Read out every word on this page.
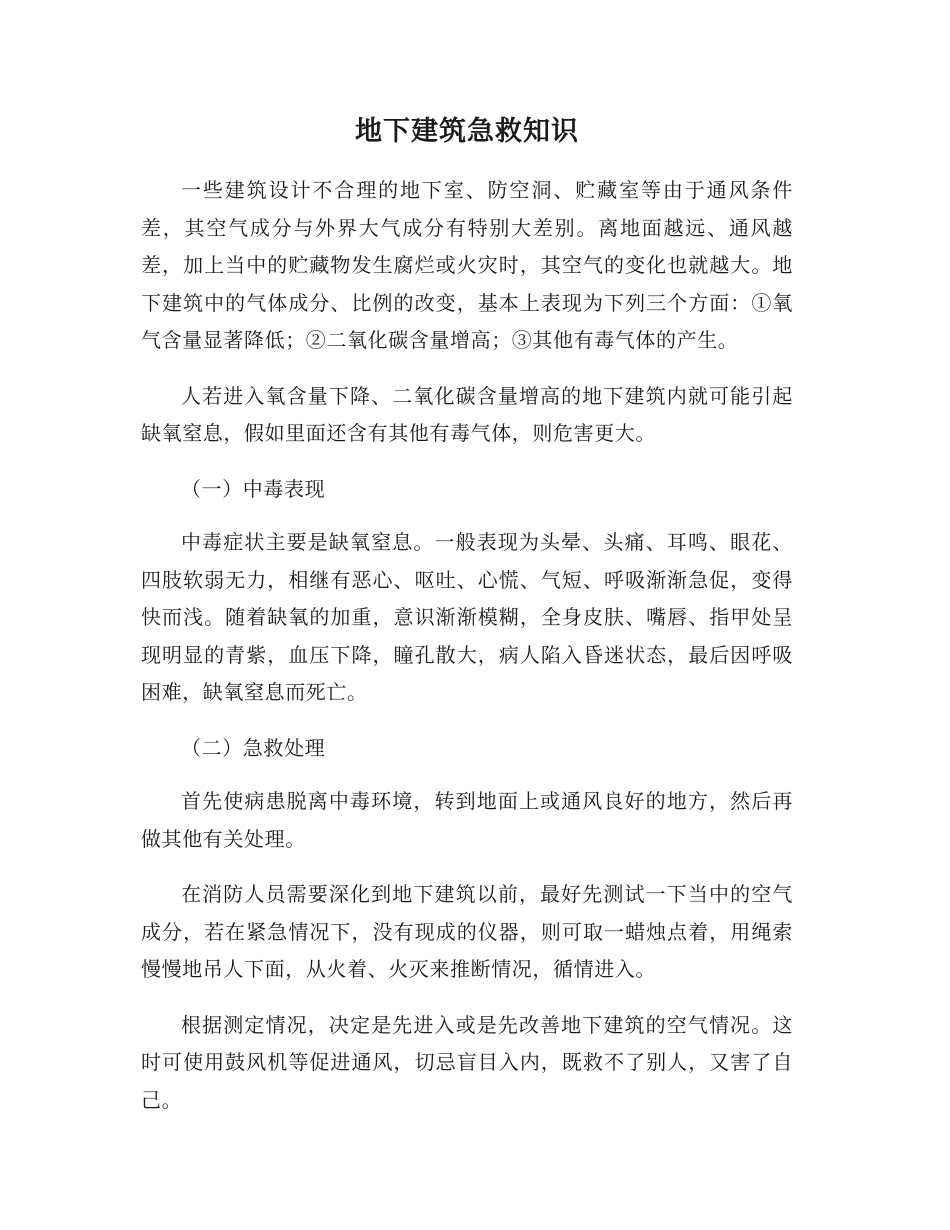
地下建筑急救知识

一些建筑设计不合理的地下室、防空洞、贮藏室等由于通风条件差，其空气成分与外界大气成分有特别大差别。离地面越远、通风越差，加上当中的贮藏物发生腐烂或火灾时，其空气的变化也就越大。地下建筑中的气体成分、比例的改变，基本上表现为下列三个方面：①氧气含量显著降低；②二氧化碳含量增高；③其他有毒气体的产生。

人若进入氧含量下降、二氧化碳含量增高的地下建筑内就可能引起缺氧窒息，假如里面还含有其他有毒气体，则危害更大。

（一）中毒表现

中毒症状主要是缺氧窒息。一般表现为头晕、头痛、耳鸣、眼花、四肢软弱无力，相继有恶心、呕吐、心慌、气短、呼吸渐渐急促，变得快而浅。随着缺氧的加重，意识渐渐模糊，全身皮肤、嘴唇、指甲处呈现明显的青紫，血压下降，瞳孔散大，病人陷入昏迷状态，最后因呼吸困难，缺氧窒息而死亡。

（二）急救处理

首先使病患脱离中毒环境，转到地面上或通风良好的地方，然后再做其他有关处理。

在消防人员需要深化到地下建筑以前，最好先测试一下当中的空气成分，若在紧急情况下，没有现成的仪器，则可取一蜡烛点着，用绳索慢慢地吊人下面，从火着、火灭来推断情况，循情进入。

根据测定情况，决定是先进入或是先改善地下建筑的空气情况。这时可使用鼓风机等促进通风，切忌盲目入内，既救不了别人，又害了自己。
